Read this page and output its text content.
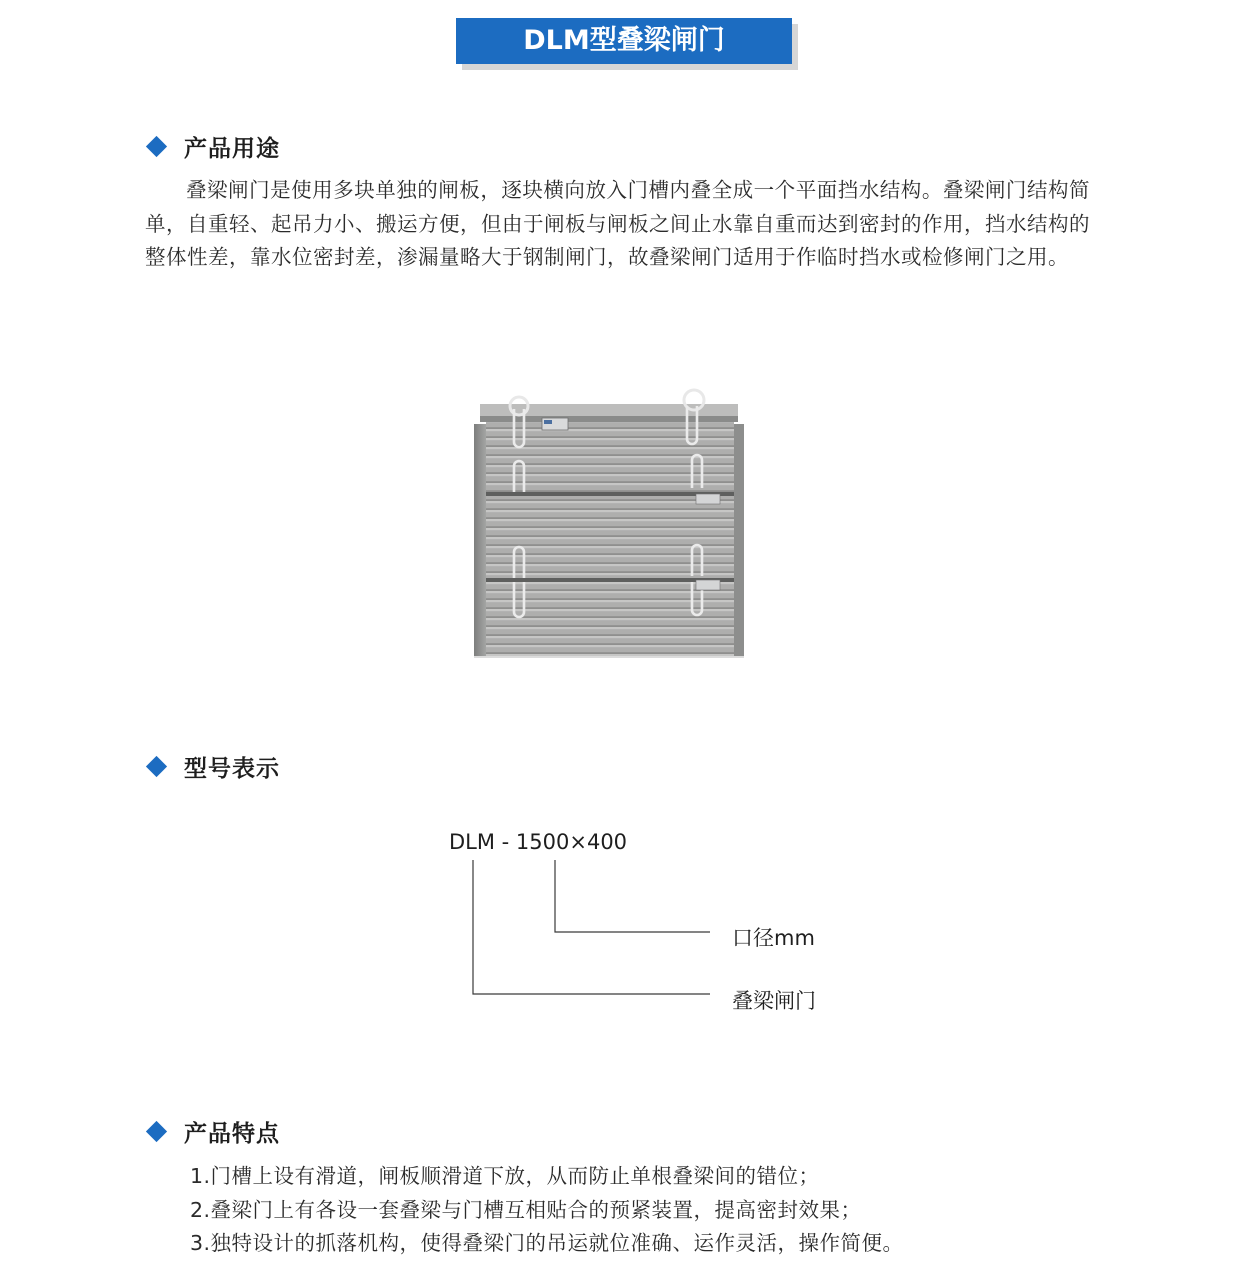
DLM型叠梁闸门
产品用途
叠梁闸门是使用多块单独的闸板，逐块横向放入门槽内叠全成一个平面挡水结构。叠梁闸门结构简单，自重轻、起吊力小、搬运方便，但由于闸板与闸板之间止水靠自重而达到密封的作用，挡水结构的整体性差，靠水位密封差，渗漏量略大于钢制闸门，故叠梁闸门适用于作临时挡水或检修闸门之用。
型号表示
DLM - 1500×400
口径mm
叠梁闸门
产品特点
1.门槽上设有滑道，闸板顺滑道下放，从而防止单根叠梁间的错位；
2.叠梁门上有各设一套叠梁与门槽互相贴合的预紧装置，提高密封效果；
3.独特设计的抓落机构，使得叠梁门的吊运就位准确、运作灵活，操作简便。
